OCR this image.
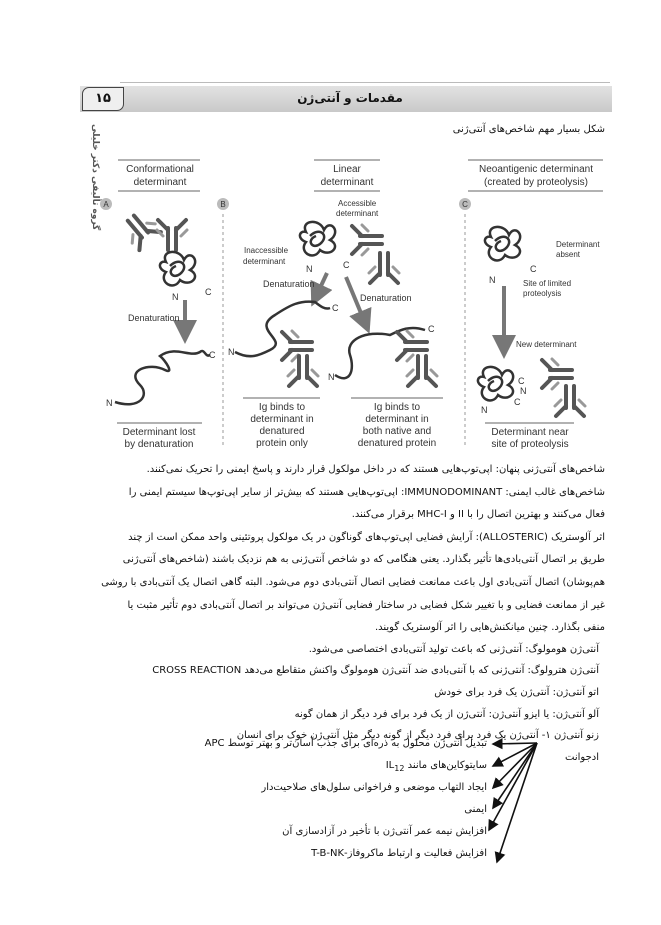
۱۵	مقدمات و آنتی‌ژن
گروه تألیفی دکتر خلیلی	شکل بسیار مهم شاخص‌های آنتی‌ژنی
Conformational
determinant
Linear
determinant
Neoantigenic determinant
(created by proteolysis)
A	B	C
N	C
Denaturation
N
C
Determinant lost
by denaturation
Accessible
determinant
Inaccessible
determinant
N	C
Denaturation
Denaturation
N
C
N
C
Ig binds to
determinant in
denatured
protein only
Ig binds to
determinant in
both native and
denatured protein
Determinant
absent
N
C
Site of limited
proteolysis
New determinant
C
N
C
N
Determinant near
site of proteolysis
شاخص‌های آنتی‌ژنی پنهان: اپی‌توپ‌هایی هستند که در داخل مولکول قرار دارند و پاسخ ایمنی را تحریک نمی‌کنند.
شاخص‌های غالب ایمنی: IMMUNODOMINANT: اپی‌توپ‌هایی هستند که بیش‌تر از سایر اپی‌توپ‌ها سیستم ایمنی را
فعال می‌کنند و بهترین اتصال را با II و MHC-I برقرار می‌کنند.
اثر آلوستریک (ALLOSTERIC): آرایش فضایی اپی‌توپ‌های گوناگون در یک مولکول پروتئینی واحد ممکن است از چند
طریق بر اتصال آنتی‌بادی‌ها تأثیر بگذارد. یعنی هنگامی که دو شاخص آنتی‌ژنی به هم نزدیک باشند (شاخص‌های آنتی‌ژنی
هم‌پوشان) اتصال آنتی‌بادی اول باعث ممانعت فضایی اتصال آنتی‌بادی دوم می‌شود. البته گاهی اتصال یک آنتی‌بادی با روشی
غیر از ممانعت فضایی و با تغییر شکل فضایی در ساختار فضایی آنتی‌ژن می‌تواند بر اتصال آنتی‌بادی دوم تأثیر مثبت یا
منفی بگذارد. چنین میانکنش‌هایی را اثر آلوستریک گویند.
آنتی‌ژن هومولوگ: آنتی‌ژنی که باعث تولید آنتی‌بادی اختصاصی می‌شود.
آنتی‌ژن هترولوگ: آنتی‌ژنی که با آنتی‌بادی ضد آنتی‌ژن هومولوگ واکنش متقاطع می‌دهد CROSS REACTION
اتو آنتی‌ژن: آنتی‌ژن یک فرد برای خودش
آلو آنتی‌ژن: یا ایزو آنتی‌ژن: آنتی‌ژن از یک فرد برای فرد دیگر از همان گونه
زنو آنتی‌ژن ۱- آنتی‌ژن یک فرد برای فرد دیگر از گونه دیگر مثل آنتی‌ژن خوک برای انسان
ادجوانت
تبدیل آنتی‌ژن محلول به ذره‌ای برای جذب آسان‌تر و بهتر توسط APC
سایتوکاین‌های مانند $IL_{12}$
ایجاد التهاب موضعی و فراخوانی سلول‌های صلاحیت‌دار
ایمنی
افزایش نیمه عمر آنتی‌ژن با تأخیر در آزادسازی آن
افزایش فعالیت و ارتباط ماکروفاز-T-B-NK
